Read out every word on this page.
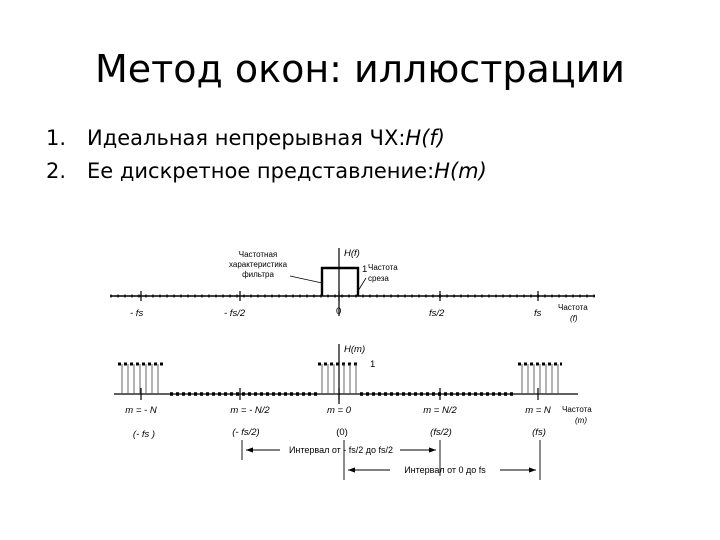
Метод окон: иллюстрации
1. Идеальная непрерывная ЧХ: H(f)
2. Ее дискретное представление: H(m)
H(f)
1
- fs	- fs/2	0	fs/2	fs
Частотная
характеристика
фильтра
Частота
среза
Частота
(f)
H(m)
1
m = - N	m = - N/2	m = 0	m = N/2	m = N Частота
(m)
(- fs )	(- fs/2)	(0)	(fs/2)	(fs)
Интервал от - fs/2 до fs/2
Интервал от 0 до fs
